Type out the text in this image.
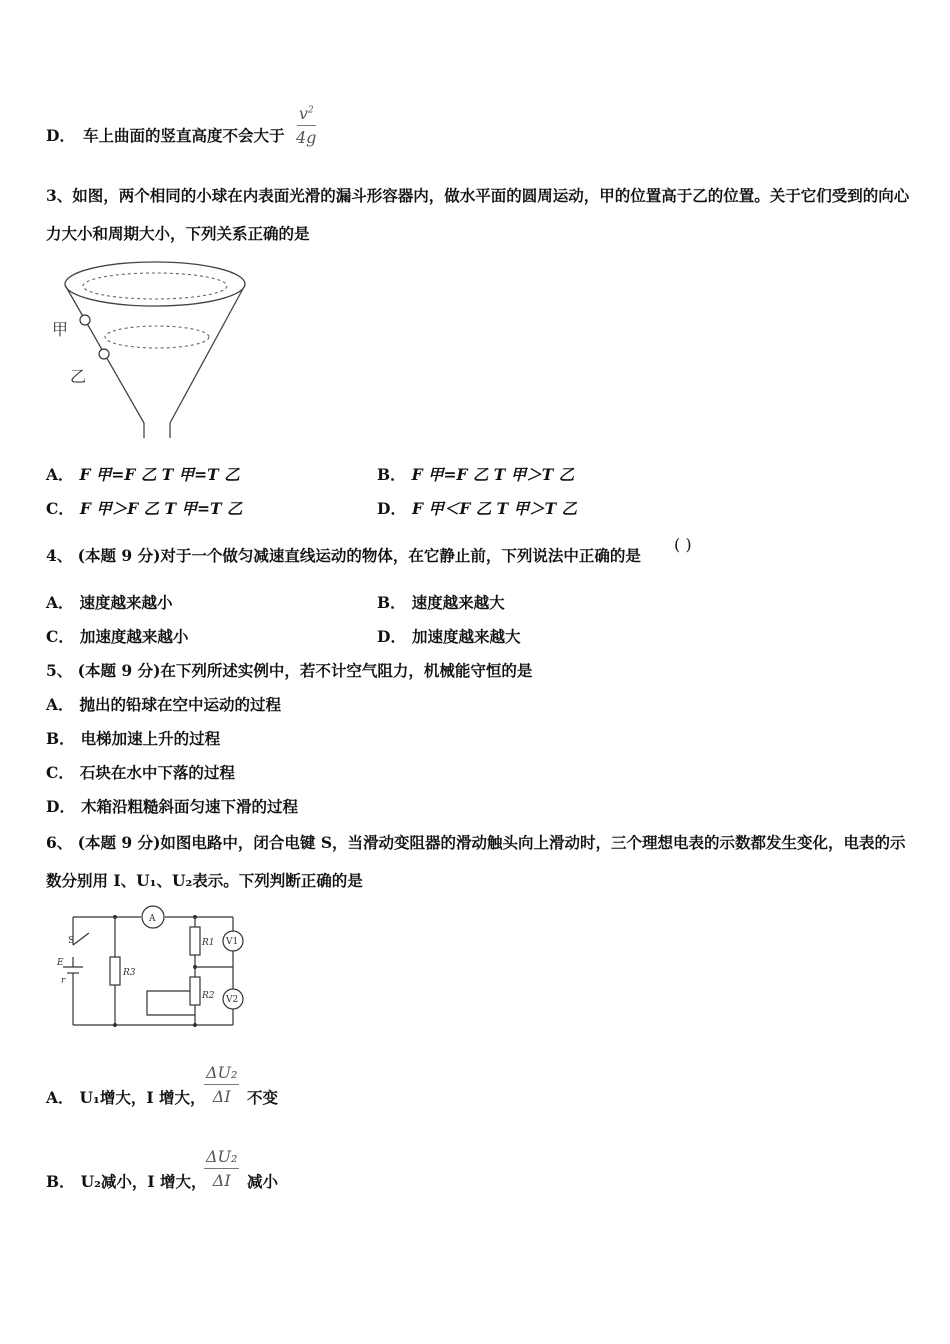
D． 车上曲面的竖直高度不会大于 $\frac{v^2}{4g}$
3、如图，两个相同的小球在内表面光滑的漏斗形容器内，做水平面的圆周运动，甲的位置高于乙的位置。关于它们受到的向心力大小和周期大小，下列关系正确的是
甲
乙
A． F 甲=F 乙 T 甲=T 乙	B． F 甲=F 乙 T 甲＞T 乙
C． F 甲＞F 乙 T 甲=T 乙	D． F 甲＜F 乙 T 甲＞T 乙
4、 (本题 9 分)对于一个做匀减速直线运动的物体，在它静止前，下列说法中正确的是
( )
A． 速度越来越小	B． 速度越来越大
C． 加速度越来越小	D． 加速度越来越大
5、 (本题 9 分)在下列所述实例中，若不计空气阻力，机械能守恒的是
A． 抛出的铅球在空中运动的过程
B． 电梯加速上升的过程
C． 石块在水中下落的过程
D． 木箱沿粗糙斜面匀速下滑的过程
6、 (本题 9 分)如图电路中，闭合电键 S，当滑动变阻器的滑动触头向上滑动时，三个理想电表的示数都发生变化，电表的示数分别用 I、U₁、U₂表示。下列判断正确的是
A
V1
V2
S
E
r
R1
R2
R3
A． U₁增大，I 增大，
$\frac{\text{ΔU₂}}{\Delta I}$ 不变
B． U₂减小，I 增大，
$\frac{\text{ΔU₂}}{\Delta I}$ 减小
